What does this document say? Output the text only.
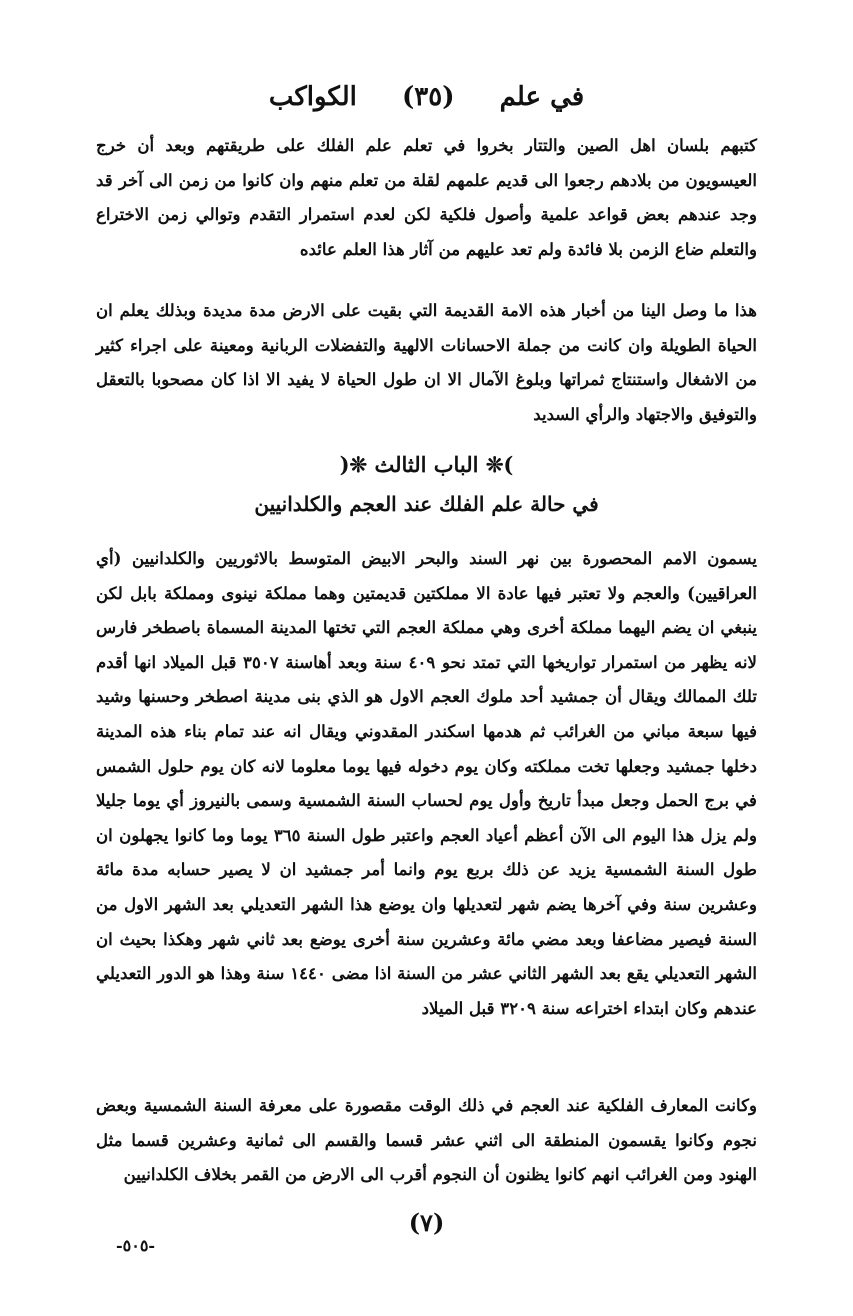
في علم (٣٥) الكواكب
كتبهم بلسان اهل الصين والتتار بخروا في تعلم علم الفلك على طريقتهم وبعد أن خرج العيسويون من بلادهم رجعوا الى قديم علمهم لقلة من تعلم منهم وان كانوا من زمن الى آخر قد وجد عندهم بعض قواعد علمية وأصول فلكية لكن لعدم استمرار التقدم وتوالي زمن الاختراع والتعلم ضاع الزمن بلا فائدة ولم تعد عليهم من آثار هذا العلم عائده
هذا ما وصل الينا من أخبار هذه الامة القديمة التي بقيت على الارض مدة مديدة وبذلك يعلم ان الحياة الطويلة وان كانت من جملة الاحسانات الالهية والتفضلات الربانية ومعينة على اجراء كثير من الاشغال واستنتاج ثمراتها وبلوغ الآمال الا ان طول الحياة لا يفيد الا اذا كان مصحوبا بالتعقل والتوفيق والاجتهاد والرأي السديد
)❊ الباب الثالث ❊(
في حالة علم الفلك عند العجم والكلدانيين
يسمون الامم المحصورة بين نهر السند والبحر الابيض المتوسط بالاثوريين والكلدانيين (أي العراقيين) والعجم ولا تعتبر فيها عادة الا مملكتين قديمتين وهما مملكة نينوى ومملكة بابل لكن ينبغي ان يضم اليهما مملكة أخرى وهي مملكة العجم التي تختها المدينة المسماة باصطخر فارس لانه يظهر من استمرار تواريخها التي تمتد نحو ٤٠٩ سنة وبعد أهاسنة ٣٥٠٧ قبل الميلاد انها أقدم تلك الممالك ويقال أن جمشيد أحد ملوك العجم الاول هو الذي بنى مدينة اصطخر وحسنها وشيد فيها سبعة مباني من الغرائب ثم هدمها اسكندر المقدوني ويقال انه عند تمام بناء هذه المدينة دخلها جمشيد وجعلها تخت مملكته وكان يوم دخوله فيها يوما معلوما لانه كان يوم حلول الشمس في برج الحمل وجعل مبدأ تاريخ وأول يوم لحساب السنة الشمسية وسمى بالنيروز أي يوما جليلا ولم يزل هذا اليوم الى الآن أعظم أعياد العجم واعتبر طول السنة ٣٦٥ يوما وما كانوا يجهلون ان طول السنة الشمسية يزيد عن ذلك بربع يوم وانما أمر جمشيد ان لا يصير حسابه مدة مائة وعشرين سنة وفي آخرها يضم شهر لتعديلها وان يوضع هذا الشهر التعديلي بعد الشهر الاول من السنة فيصير مضاعفا وبعد مضي مائة وعشرين سنة أخرى يوضع بعد ثاني شهر وهكذا بحيث ان الشهر التعديلي يقع بعد الشهر الثاني عشر من السنة اذا مضى ١٤٤٠ سنة وهذا هو الدور التعديلي عندهم وكان ابتداء اختراعه سنة ٣٢٠٩ قبل الميلاد
وكانت المعارف الفلكية عند العجم في ذلك الوقت مقصورة على معرفة السنة الشمسية وبعض نجوم وكانوا يقسمون المنطقة الى اثني عشر قسما والقسم الى ثمانية وعشرين قسما مثل الهنود ومن الغرائب انهم كانوا يظنون أن النجوم أقرب الى الارض من القمر بخلاف الكلدانيين
(٧)
-٥٠٥-
